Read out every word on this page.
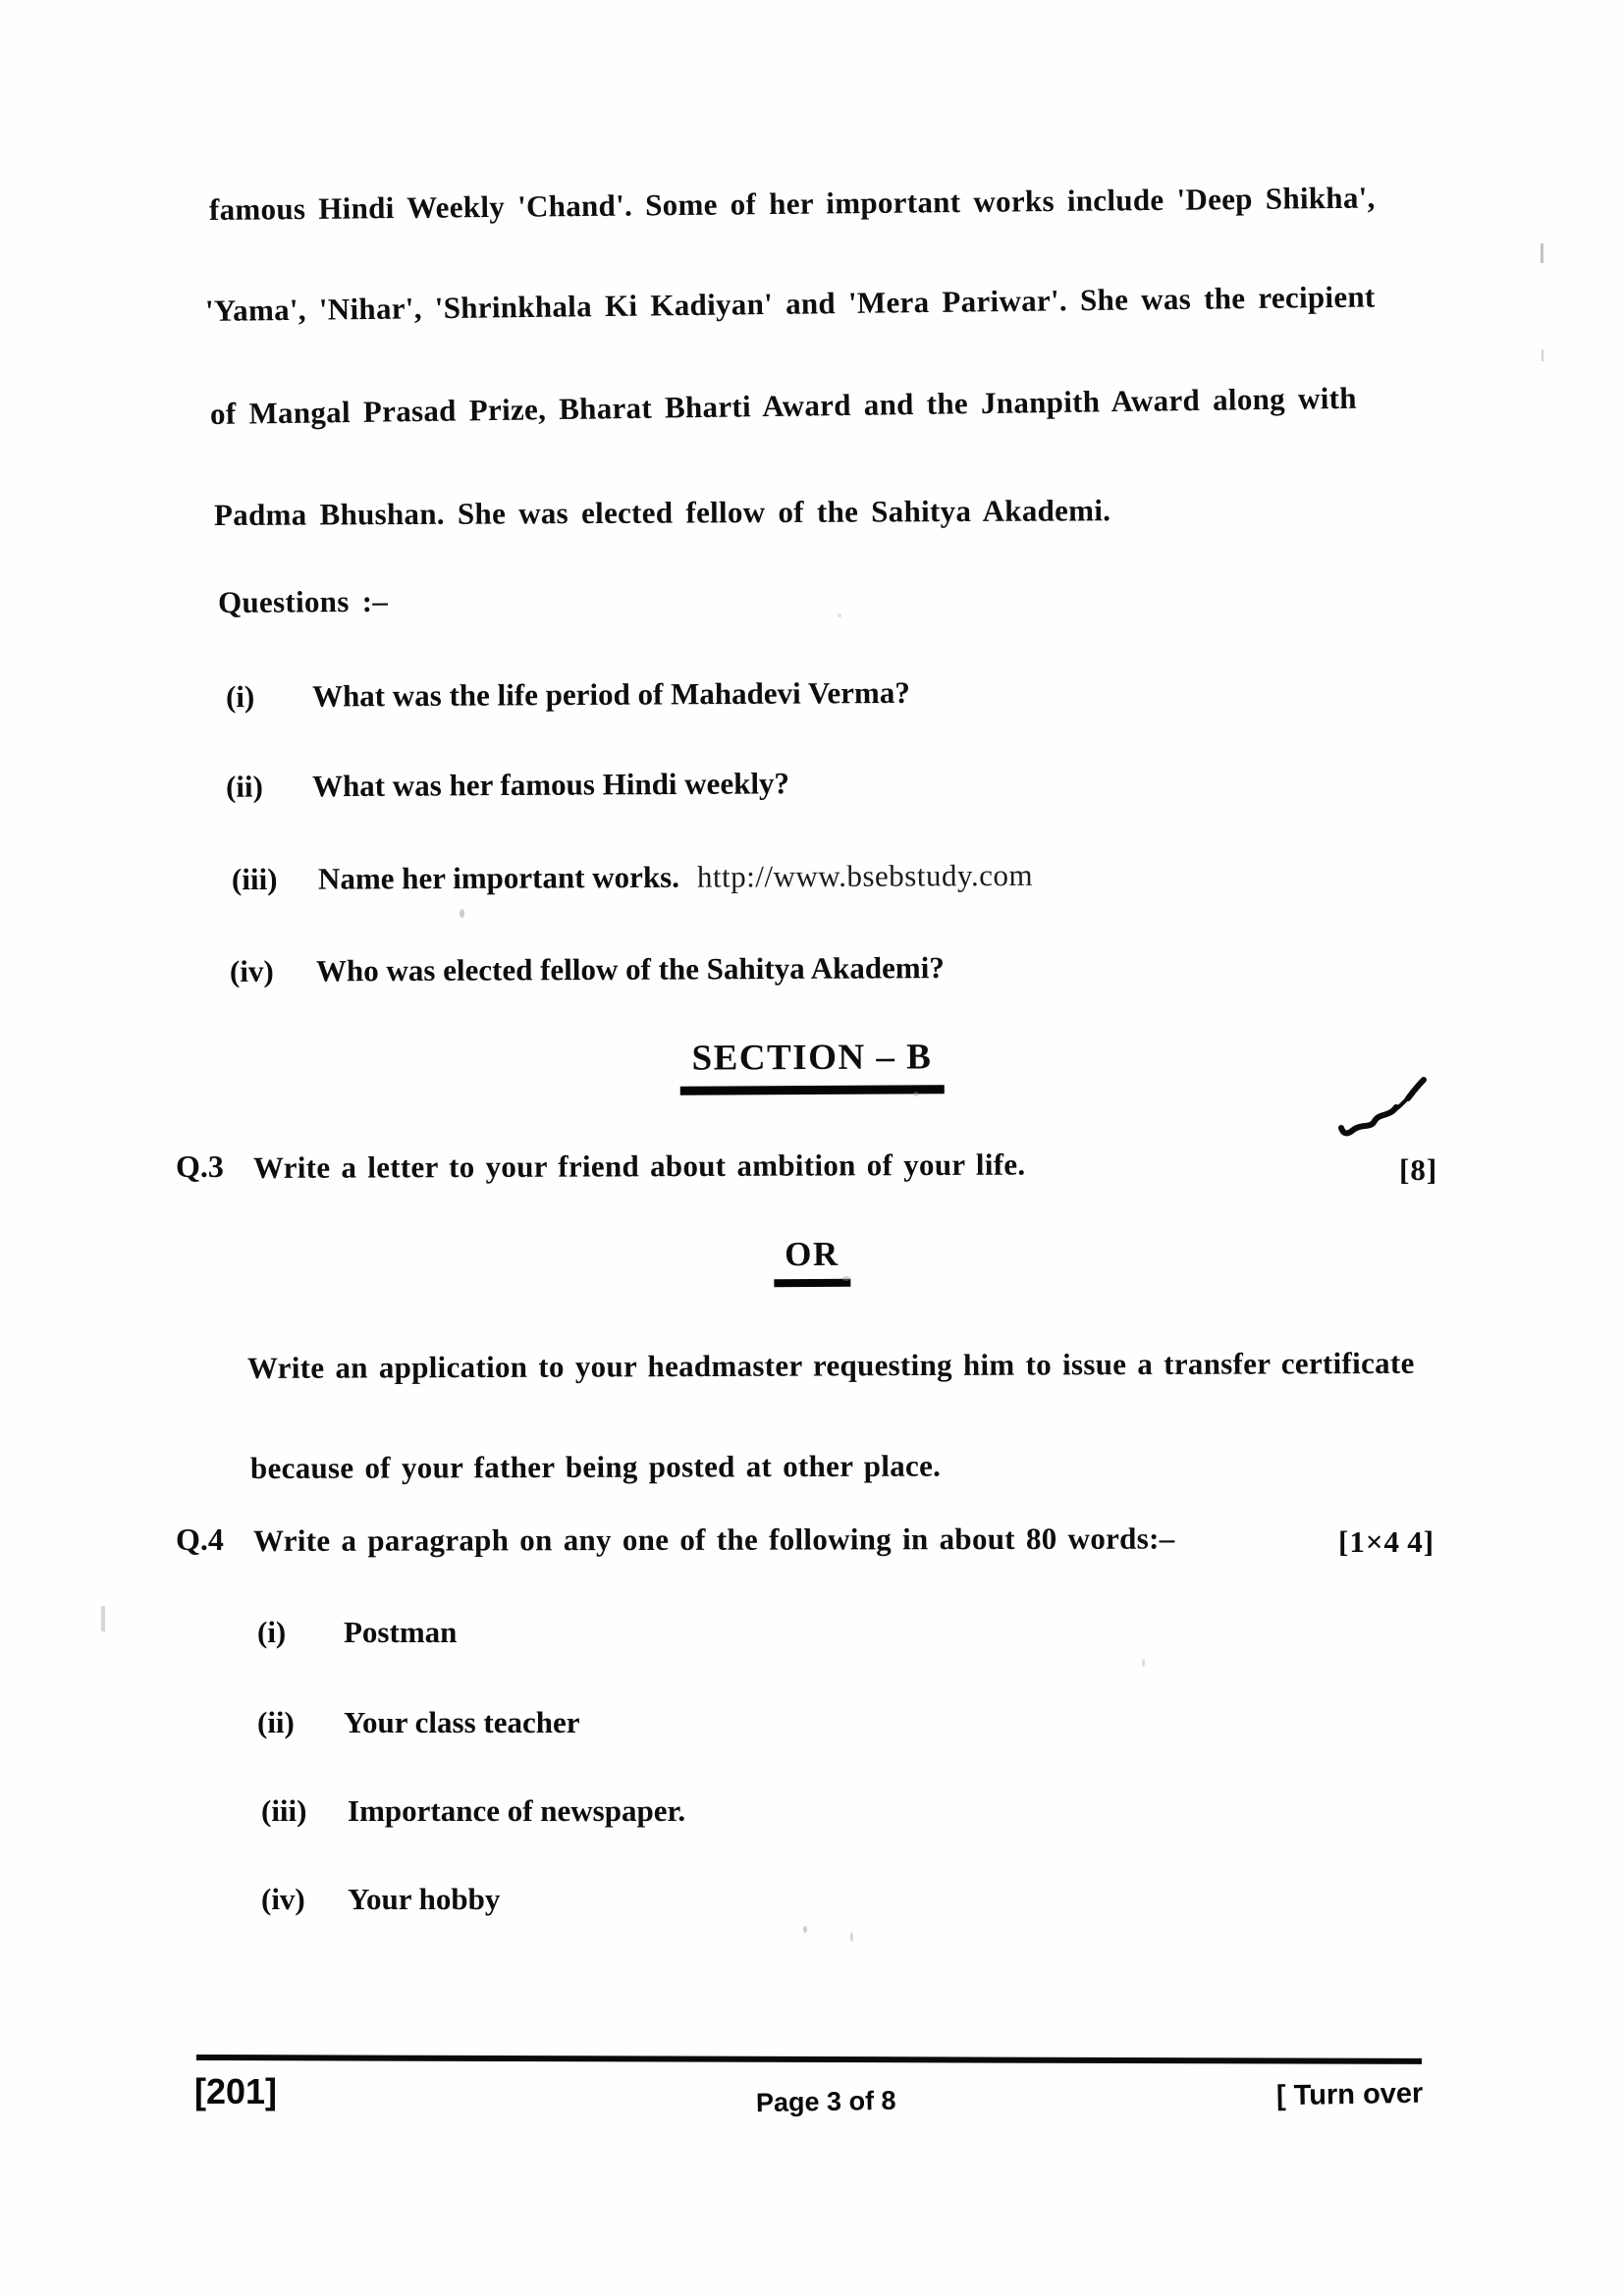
famous Hindi Weekly 'Chand'. Some of her important works include 'Deep Shikha',
'Yama', 'Nihar', 'Shrinkhala Ki Kadiyan' and 'Mera Pariwar'. She was the recipient
of Mangal Prasad Prize, Bharat Bharti Award and the Jnanpith Award along with
Padma Bhushan. She was elected fellow of the Sahitya Akademi.
Questions :–
(i) What was the life period of Mahadevi Verma?
(ii) What was her famous Hindi weekly?
(iii) Name her important works. http://www.bsebstudy.com
(iv) Who was elected fellow of the Sahitya Akademi?
SECTION – B
Q.3 Write a letter to your friend about ambition of your life.	[8]
OR
Write an application to your headmaster requesting him to issue a transfer certificate
because of your father being posted at other place.
Q.4 Write a paragraph on any one of the following in about 80 words:–	[1×4 4]
(i) Postman
(ii) Your class teacher
(iii) Importance of newspaper.
(iv) Your hobby
[201]	Page 3 of 8	[ Turn over
